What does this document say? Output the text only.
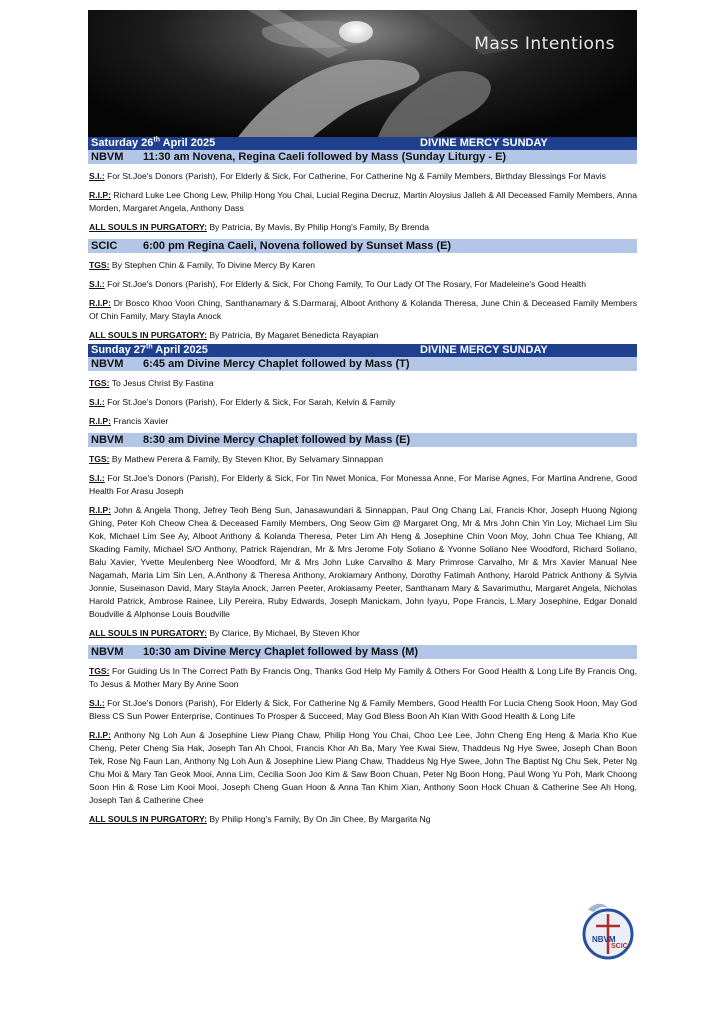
Mass Intentions
Saturday 26th April 2025	DIVINE MERCY SUNDAY
NBVM 11:30 am Novena, Regina Caeli followed by Mass (Sunday Liturgy - E)

S.I.: For St.Joe's Donors (Parish), For Elderly & Sick, For Catherine, For Catherine Ng & Family Members, Birthday Blessings For Mavis

R.I.P: Richard Luke Lee Chong Lew, Philip Hong You Chai, Lucial Regina Decruz, Martin Aloysius Jalleh & All Deceased Family Members, Anna Morden, Margaret Angela, Anthony Dass

ALL SOULS IN PURGATORY: By Patricia, By Mavis, By Philip Hong's Family, By Brenda

SCIC 6:00 pm Regina Caeli, Novena followed by Sunset Mass (E)

TGS: By Stephen Chin & Family, To Divine Mercy By Karen

S.I.: For St.Joe's Donors (Parish), For Elderly & Sick, For Chong Family, To Our Lady Of The Rosary, For Madeleine's Good Health

R.I.P: Dr Bosco Khoo Voon Ching, Santhanamary & S.Darmaraj, Alboot Anthony & Kolanda Theresa, June Chin & Deceased Family Members Of Chin Family, Mary Stayla Anock

ALL SOULS IN PURGATORY: By Patricia, By Magaret Benedicta Rayapian

Sunday 27th April 2025	DIVINE MERCY SUNDAY
NBVM 6:45 am Divine Mercy Chaplet followed by Mass (T)

TGS: To Jesus Christ By Fastina

S.I.: For St.Joe's Donors (Parish), For Elderly & Sick, For Sarah, Kelvin & Family

R.I.P: Francis Xavier

NBVM 8:30 am Divine Mercy Chaplet followed by Mass (E)

TGS: By Mathew Perera & Family, By Steven Khor, By Selvamary Sinnappan

S.I.: For St.Joe's Donors (Parish), For Elderly & Sick, For Tin Nwet Monica, For Monessa Anne, For Marise Agnes, For Martina Andrene, Good Health For Arasu Joseph

R.I.P: John & Angela Thong, Jefrey Teoh Beng Sun, Janasawundari & Sinnappan, Paul Ong Chang Lai, Francis Khor, Joseph Huong Ngiong Ghing, Peter Koh Cheow Chea & Deceased Family Members, Ong Seow Gim @ Margaret Ong, Mr & Mrs John Chin Yin Loy, Michael Lim Siu Kok, Michael Lim See Ay, Alboot Anthony & Kolanda Theresa, Peter Lim Ah Heng & Josephine Chin Voon Moy, John Chua Tee Khiang, All Skading Family, Michael S/O Anthony, Patrick Rajendran, Mr & Mrs Jerome Foly Soliano & Yvonne Soliano Nee Woodford, Richard Soliano, Balu Xavier, Yvette Meulenberg Nee Woodford, Mr & Mrs John Luke Carvalho & Mary Primrose Carvalho, Mr & Mrs Xavier Manual Nee Nagamah, Maria Lim Sin Len, A.Anthony & Theresa Anthony, Arokiamary Anthony, Dorothy Fatimah Anthony, Harold Patrick Anthony & Sylvia Jonnie, Suseinason David, Mary Stayla Anock, Jarren Peeter, Arokiasamy Peeter, Santhanam Mary & Savarimuthu, Margaret Angela, Nicholas Harold Patrick, Ambrose Rainee, Lily Pereira, Ruby Edwards, Joseph Manickam, John Iyayu, Pope Francis, L.Mary Josephine, Edgar Donald Boudville & Alphonse Louis Boudville

ALL SOULS IN PURGATORY: By Clarice, By Michael, By Steven Khor

NBVM 10:30 am Divine Mercy Chaplet followed by Mass (M)

TGS: For Guiding Us In The Correct Path By Francis Ong, Thanks God Help My Family & Others For Good Health & Long Life By Francis Ong, To Jesus & Mother Mary By Anne Soon

S.I.: For St.Joe's Donors (Parish), For Elderly & Sick, For Catherine Ng & Family Members, Good Health For Lucia Cheng Sook Hoon, May God Bless CS Sun Power Enterprise, Continues To Prosper & Succeed, May God Bless Boon Ah Kian With Good Health & Long Life

R.I.P: Anthony Ng Loh Aun & Josephine Liew Piang Chaw, Philip Hong You Chai, Choo Lee Lee, John Cheng Eng Heng & Maria Kho Kue Cheng, Peter Cheng Sia Hak, Joseph Tan Ah Chooi, Francis Khor Ah Ba, Mary Yee Kwai Siew, Thaddeus Ng Hye Swee, Joseph Chan Boon Tek, Rose Ng Faun Lan, Anthony Ng Loh Aun & Josephine Liew Piang Chaw, Thaddeus Ng Hye Swee, John The Baptist Ng Chu Sek, Peter Ng Chu Moi & Mary Tan Geok Mooi, Anna Lim, Cecilia Soon Joo Kim & Saw Boon Chuan, Peter Ng Boon Hong, Paul Wong Yu Poh, Mark Choong Soon Hin & Rose Lim Kooi Mooi, Joseph Cheng Guan Hoon & Anna Tan Khim Xian, Anthony Soon Hock Chuan & Catherine See Ah Hong, Joseph Tan & Catherine Chee

ALL SOULS IN PURGATORY: By Philip Hong's Family, By On Jin Chee, By Margarita Ng

NBVM
SCIC
